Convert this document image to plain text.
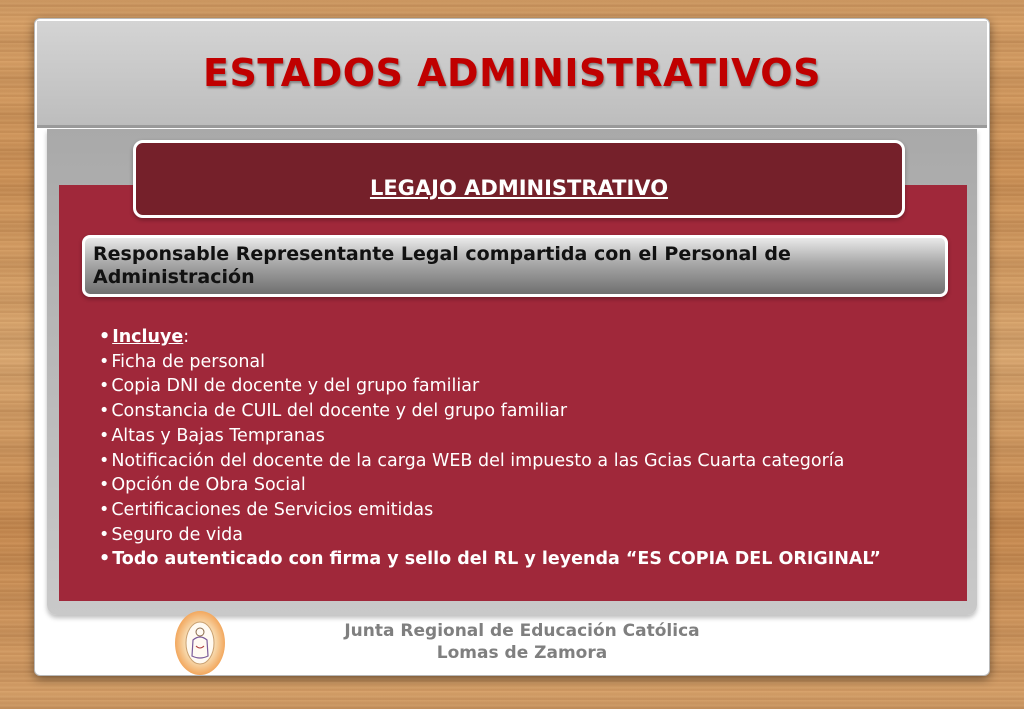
ESTADOS ADMINISTRATIVOS
LEGAJO ADMINISTRATIVO
Responsable Representante Legal compartida con el Personal de Administración
• Incluye:
• Ficha de personal
• Copia DNI de docente y del grupo familiar
• Constancia de CUIL del docente y del grupo familiar
• Altas y Bajas Tempranas
• Notificación del docente de la carga WEB del impuesto a las Gcias Cuarta categoría
• Opción de Obra Social
• Certificaciones de Servicios emitidas
• Seguro de vida
• Todo autenticado con firma y sello del RL y leyenda “ES COPIA DEL ORIGINAL”
Junta Regional de Educación Católica
Lomas de Zamora
